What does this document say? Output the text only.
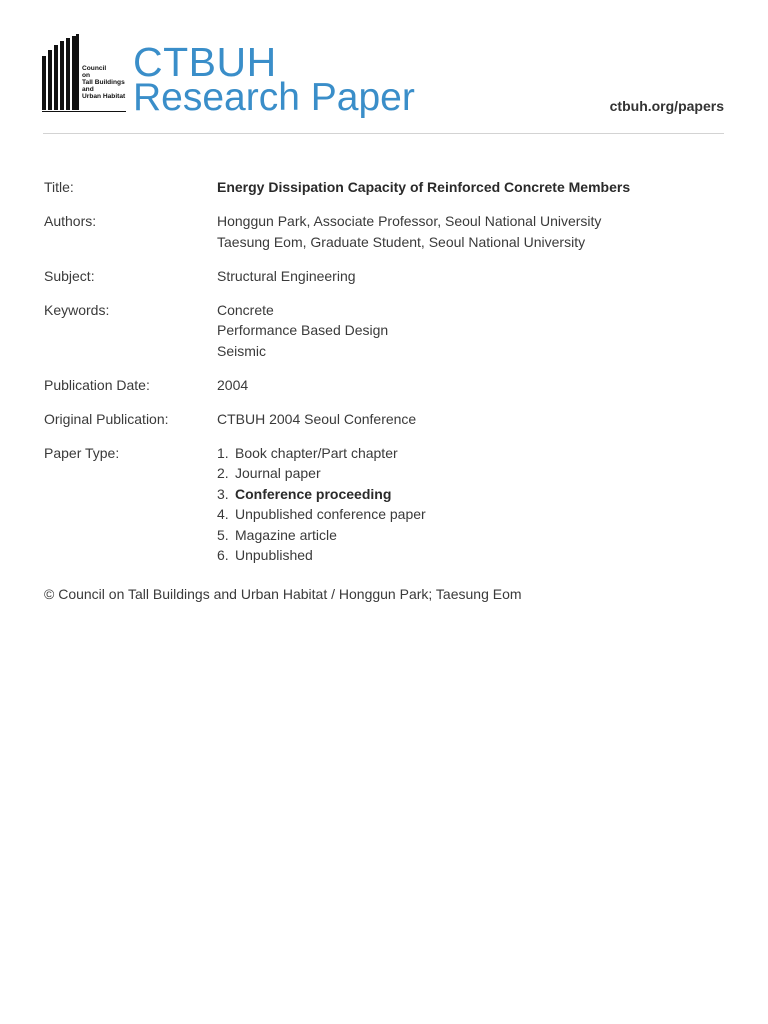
Council
on
Tall Buildings
and
Urban Habitat
CTBUH
Research Paper	ctbuh.org/papers
Title:	Energy Dissipation Capacity of Reinforced Concrete Members
Authors:	Honggun Park, Associate Professor, Seoul National University
Taesung Eom, Graduate Student, Seoul National University
Subject:	Structural Engineering
Keywords:	Concrete
Performance Based Design
Seismic
Publication Date:	2004
Original Publication:	CTBUH 2004 Seoul Conference
Paper Type:	1. Book chapter/Part chapter
2. Journal paper
3. Conference proceeding
4. Unpublished conference paper
5. Magazine article
6. Unpublished
© Council on Tall Buildings and Urban Habitat / Honggun Park; Taesung Eom
